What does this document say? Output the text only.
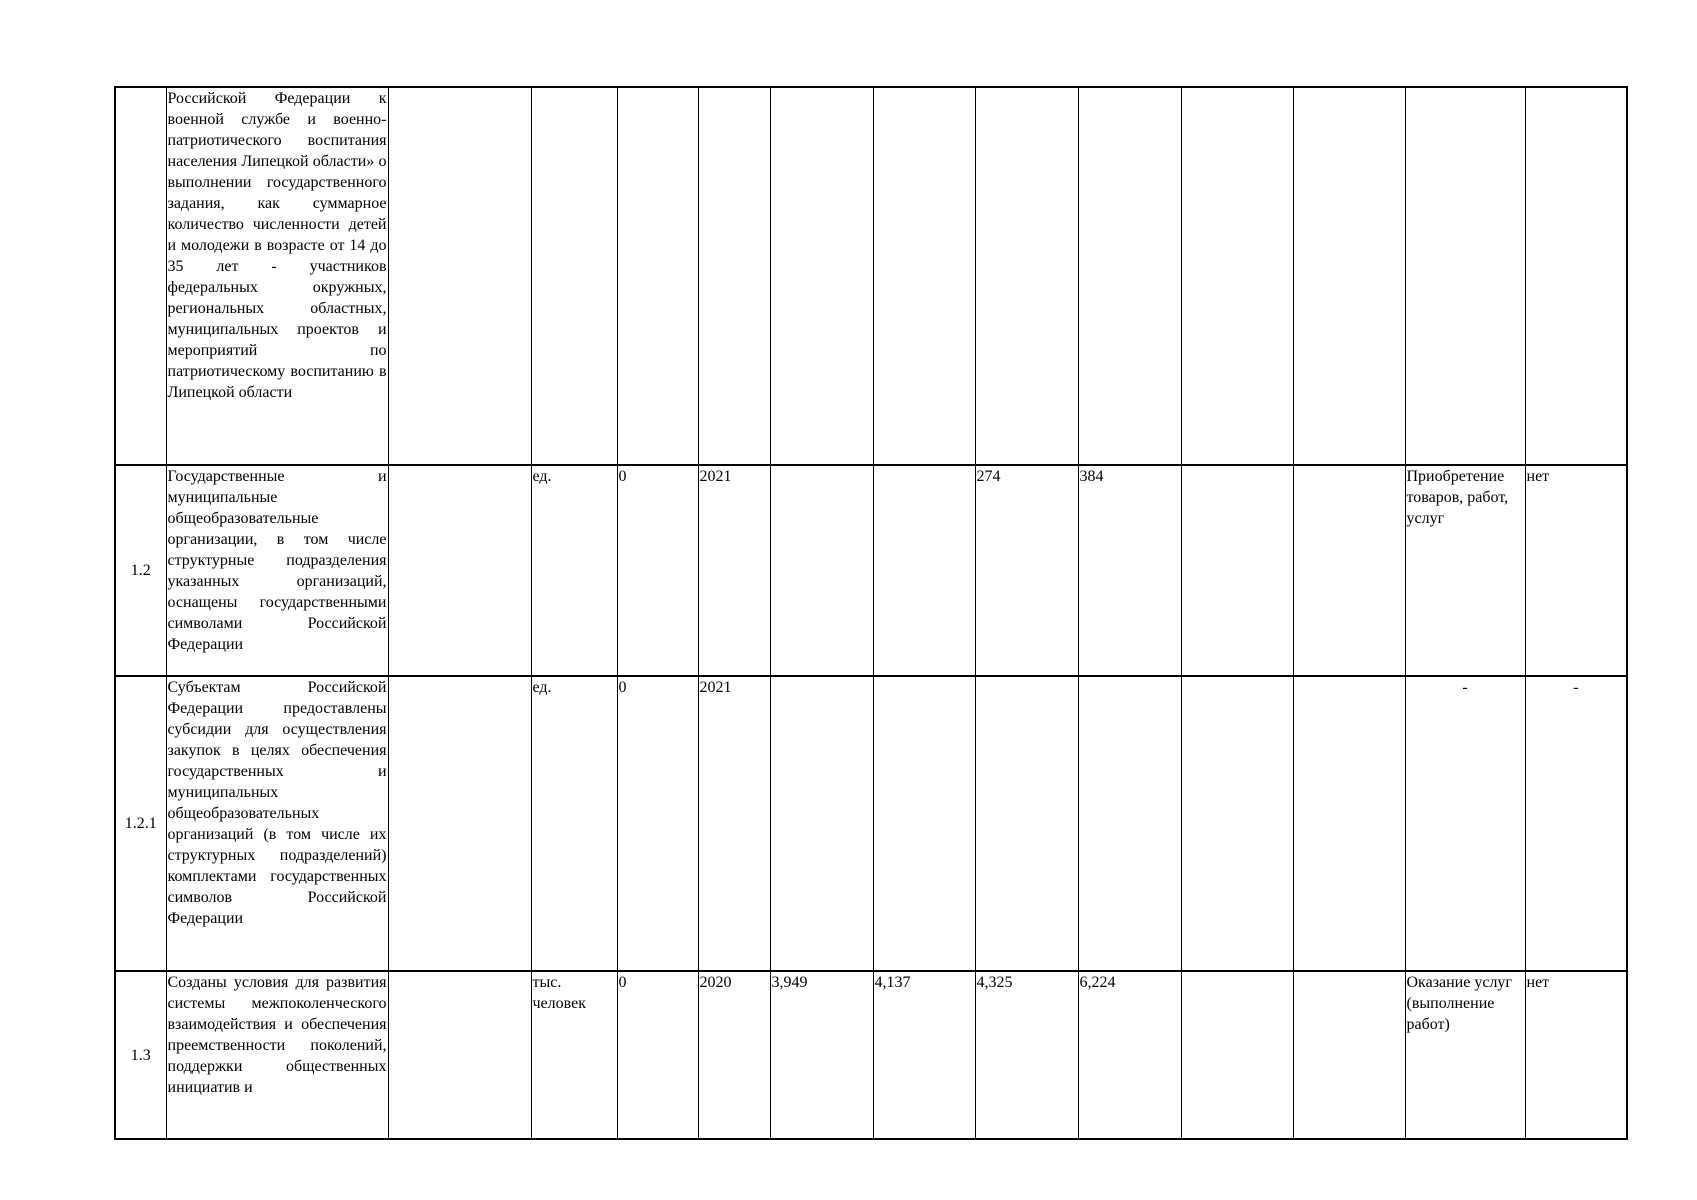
	Российской Федерации к военной службе и военно-патриотического воспитания населения Липецкой области» о выполнении государственного задания, как суммарное количество численности детей и молодежи в возрасте от 14 до 35 лет - участников федеральных окружных, региональных областных, муниципальных проектов и мероприятий по патриотическому воспитанию в Липецкой области												
1.2	Государственные и муниципальные общеобразовательные организации, в том числе структурные подразделения указанных организаций, оснащены государственными символами Российской Федерации		ед.	0	2021			274	384			Приобретение товаров, работ, услуг	нет
1.2.1	Субъектам Российской Федерации предоставлены субсидии для осуществления закупок в целях обеспечения государственных и муниципальных общеобразовательных организаций (в том числе их структурных подразделений) комплектами государственных символов Российской Федерации		ед.	0	2021							-	-
1.3	Созданы условия для развития системы межпоколенческого взаимодействия и обеспечения преемственности поколений, поддержки общественных инициатив и		тыс. человек	0	2020	3,949	4,137	4,325	6,224			Оказание услуг (выполнение работ)	нет
